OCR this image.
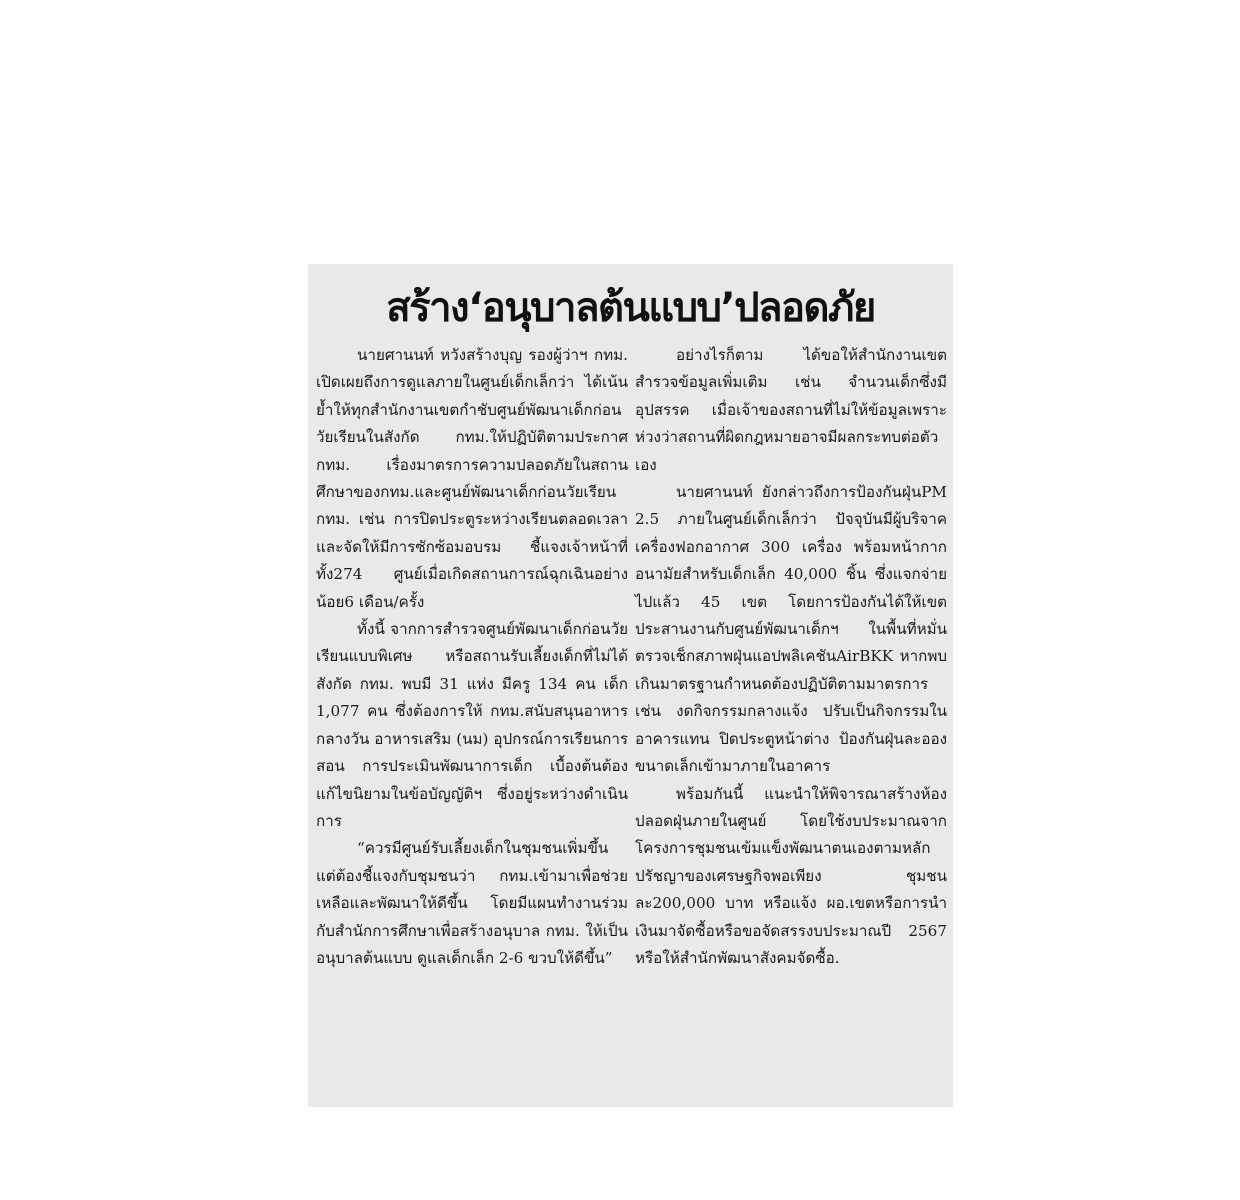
สร้าง‘อนุบาลต้นแบบ’ปลอดภัย

นายศานนท์ หวังสร้างบุญ รองผู้ว่าฯ กทม. เปิดเผยถึงการดูแลภายในศูนย์เด็กเล็กว่า ได้เน้นย้ำให้ทุกสำนักงานเขตกำชับศูนย์พัฒนาเด็กก่อนวัยเรียนในสังกัด กทม.ให้ปฏิบัติตามประกาศ กทม. เรื่องมาตรการความปลอดภัยในสถานศึกษาของกทม.และศูนย์พัฒนาเด็กก่อนวัยเรียน กทม. เช่น การปิดประตูระหว่างเรียนตลอดเวลา และจัดให้มีการซักซ้อมอบรม ชี้แจงเจ้าหน้าที่ทั้ง274 ศูนย์เมื่อเกิดสถานการณ์ฉุกเฉินอย่างน้อย6 เดือน/ครั้ง

ทั้งนี้ จากการสำรวจศูนย์พัฒนาเด็กก่อนวัยเรียนแบบพิเศษ หรือสถานรับเลี้ยงเด็กที่ไม่ได้สังกัด กทม. พบมี 31 แห่ง มีครู 134 คน เด็ก 1,077 คน ซึ่งต้องการให้ กทม.สนับสนุนอาหารกลางวัน อาหารเสริม (นม) อุปกรณ์การเรียนการสอน การประเมินพัฒนาการเด็ก เบื้องต้นต้องแก้ไขนิยามในข้อบัญญัติฯ ซึ่งอยู่ระหว่างดำเนินการ

“ควรมีศูนย์รับเลี้ยงเด็กในชุมชนเพิ่มขึ้น แต่ต้องชี้แจงกับชุมชนว่า กทม.เข้ามาเพื่อช่วยเหลือและพัฒนาให้ดีขึ้น โดยมีแผนทำงานร่วมกับสำนักการศึกษาเพื่อสร้างอนุบาล กทม. ให้เป็นอนุบาลต้นแบบ ดูแลเด็กเล็ก 2-6 ขวบให้ดีขึ้น”

อย่างไรก็ตาม ได้ขอให้สำนักงานเขตสำรวจข้อมูลเพิ่มเติม เช่น จำนวนเด็กซึ่งมีอุปสรรค เมื่อเจ้าของสถานที่ไม่ให้ข้อมูลเพราะห่วงว่าสถานที่ผิดกฎหมายอาจมีผลกระทบต่อตัวเอง

นายศานนท์ ยังกล่าวถึงการป้องกันฝุ่นPM 2.5 ภายในศูนย์เด็กเล็กว่า ปัจจุบันมีผู้บริจาคเครื่องฟอกอากาศ 300 เครื่อง พร้อมหน้ากากอนามัยสำหรับเด็กเล็ก 40,000 ชิ้น ซึ่งแจกจ่ายไปแล้ว 45 เขต โดยการป้องกันได้ให้เขตประสานงานกับศูนย์พัฒนาเด็กฯ ในพื้นที่หมั่นตรวจเช็กสภาพฝุ่นแอปพลิเคชันAirBKK หากพบเกินมาตรฐานกำหนดต้องปฏิบัติตามมาตรการ เช่น งดกิจกรรมกลางแจ้ง ปรับเป็นกิจกรรมในอาคารแทน ปิดประตูหน้าต่าง ป้องกันฝุ่นละอองขนาดเล็กเข้ามาภายในอาคาร

พร้อมกันนี้ แนะนำให้พิจารณาสร้างห้องปลอดฝุ่นภายในศูนย์ โดยใช้งบประมาณจากโครงการชุมชนเข้มแข็งพัฒนาตนเองตามหลักปรัชญาของเศรษฐกิจพอเพียง ชุมชนละ200,000 บาท หรือแจ้ง ผอ.เขตหรือการนำเงินมาจัดซื้อหรือขอจัดสรรงบประมาณปี 2567 หรือให้สำนักพัฒนาสังคมจัดซื้อ.
